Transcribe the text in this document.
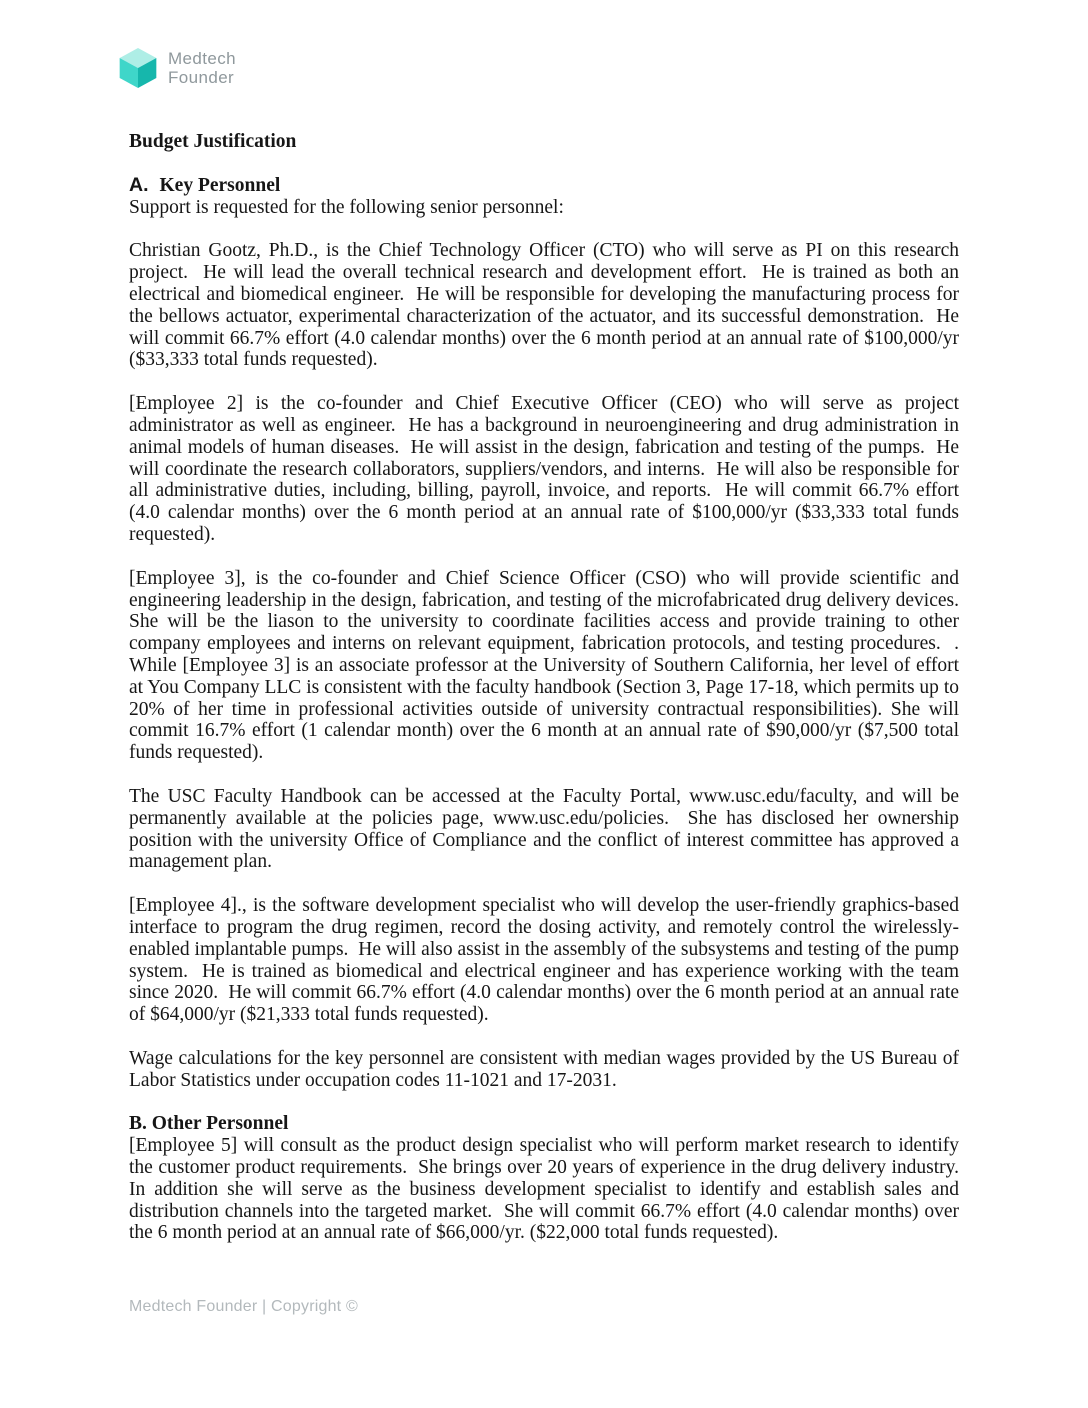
Medtech
Founder
Budget Justification
A. Key Personnel

Support is requested for the following senior personnel:

Christian Gootz, Ph.D., is the Chief Technology Officer (CTO) who will serve as PI on this research project.  He will lead the overall technical research and development effort.  He is trained as both an electrical and biomedical engineer.  He will be responsible for developing the manufacturing process for the bellows actuator, experimental characterization of the actuator, and its successful demonstration.  He will commit 66.7% effort (4.0 calendar months) over the 6 month period at an annual rate of $100,000/yr ($33,333 total funds requested).

[Employee 2] is the co-founder and Chief Executive Officer (CEO) who will serve as project administrator as well as engineer.  He has a background in neuroengineering and drug administration in animal models of human diseases.  He will assist in the design, fabrication and testing of the pumps.  He will coordinate the research collaborators, suppliers/vendors, and interns.  He will also be responsible for all administrative duties, including, billing, payroll, invoice, and reports.  He will commit 66.7% effort (4.0 calendar months) over the 6 month period at an annual rate of $100,000/yr ($33,333 total funds requested).

[Employee 3], is the co-founder and Chief Science Officer (CSO) who will provide scientific and engineering leadership in the design, fabrication, and testing of the microfabricated drug delivery devices.  She will be the liason to the university to coordinate facilities access and provide training to other company employees and interns on relevant equipment, fabrication protocols, and testing procedures.  .  While [Employee 3] is an associate professor at the University of Southern California, her level of effort at You Company LLC is consistent with the faculty handbook (Section 3, Page 17-18, which permits up to 20% of her time in professional activities outside of university contractual responsibilities). She will commit 16.7% effort (1 calendar month) over the 6 month at an annual rate of $90,000/yr ($7,500 total funds requested).

The USC Faculty Handbook can be accessed at the Faculty Portal, www.usc.edu/faculty, and will be permanently available at the policies page, www.usc.edu/policies.  She has disclosed her ownership position with the university Office of Compliance and the conflict of interest committee has approved a management plan.

[Employee 4]., is the software development specialist who will develop the user-friendly graphics-based interface to program the drug regimen, record the dosing activity, and remotely control the wirelessly-enabled implantable pumps.  He will also assist in the assembly of the subsystems and testing of the pump system.  He is trained as biomedical and electrical engineer and has experience working with the team since 2020.  He will commit 66.7% effort (4.0 calendar months) over the 6 month period at an annual rate of $64,000/yr ($21,333 total funds requested).

Wage calculations for the key personnel are consistent with median wages provided by the US Bureau of Labor Statistics under occupation codes 11-1021 and 17-2031.

B. Other Personnel

[Employee 5] will consult as the product design specialist who will perform market research to identify the customer product requirements.  She brings over 20 years of experience in the drug delivery industry.  In addition she will serve as the business development specialist to identify and establish sales and distribution channels into the targeted market.  She will commit 66.7% effort (4.0 calendar months) over the 6 month period at an annual rate of $66,000/yr. ($22,000 total funds requested).

Medtech Founder | Copyright ©
